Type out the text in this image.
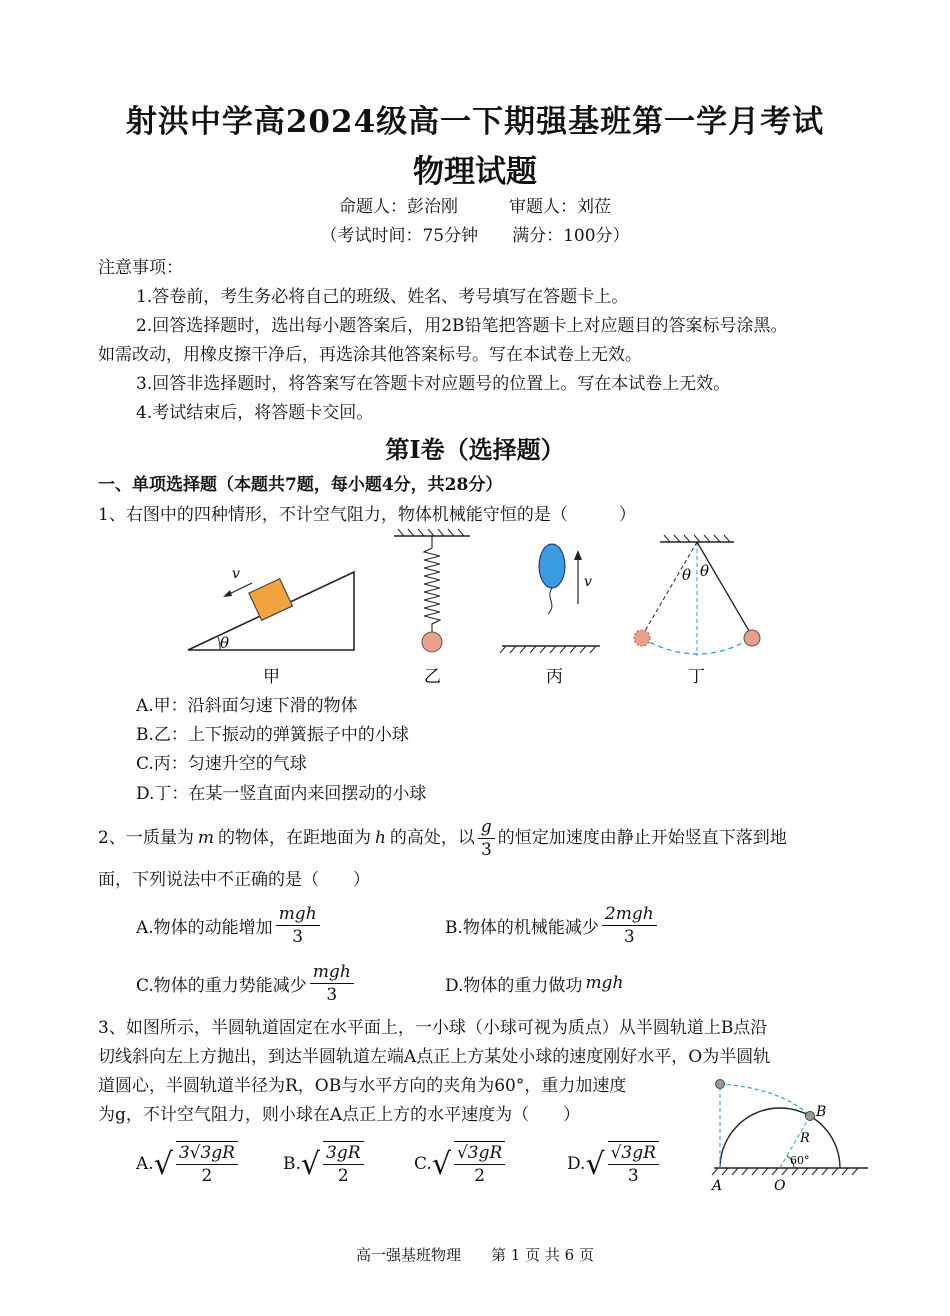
射洪中学高2024级高一下期强基班第一学月考试
物理试题
命题人：彭治刚　　　审题人：刘莅
（考试时间：75分钟　　满分：100分）
注意事项：
1.答卷前，考生务必将自己的班级、姓名、考号填写在答题卡上。
2.回答选择题时，选出每小题答案后，用2B铅笔把答题卡上对应题目的答案标号涂黑。
如需改动，用橡皮擦干净后，再选涂其他答案标号。写在本试卷上无效。
3.回答非选择题时，将答案写在答题卡对应题号的位置上。写在本试卷上无效。
4.考试结束后，将答题卡交回。
第I卷（选择题）
一、单项选择题（本题共7题，每小题4分，共28分）
1、右图中的四种情形，不计空气阻力，物体机械能守恒的是（　　　）
θ
v
甲	乙
v
丙
θ θ
丁
A.甲：沿斜面匀速下滑的物体
B.乙：上下振动的弹簧振子中的小球
C.丙：匀速升空的气球
D.丁：在某一竖直面内来回摆动的小球
2、一质量为 m 的物体，在距地面为 h 的高处，以 $\frac{g}{3}$ 的恒定加速度由静止开始竖直下落到地
面，下列说法中不正确的是（　　）
A.物体的动能增加 $\frac{\text{mgh}}{3}$	B.物体的机械能减少 $\frac{\text{2mgh}}{3}$
C.物体的重力势能减少 $\frac{\text{mgh}}{3}$	D.物体的重力做功 mgh
3、如图所示，半圆轨道固定在水平面上，一小球（小球可视为质点）从半圆轨道上B点沿
切线斜向左上方抛出，到达半圆轨道左端A点正上方某处小球的速度刚好水平，O为半圆轨
道圆心，半圆轨道半径为R，OB与水平方向的夹角为60°，重力加速度
为g，不计空气阻力，则小球在A点正上方的水平速度为（　　）
A. √ $\frac{3√3gR}{2}$	B. √ $\frac{3gR}{2}$	C. √ $\frac{√3gR}{2}$	D. √ $\frac{√3gR}{3}$
B
R
60°
A	O
高一强基班物理　　第 1 页 共 6 页
